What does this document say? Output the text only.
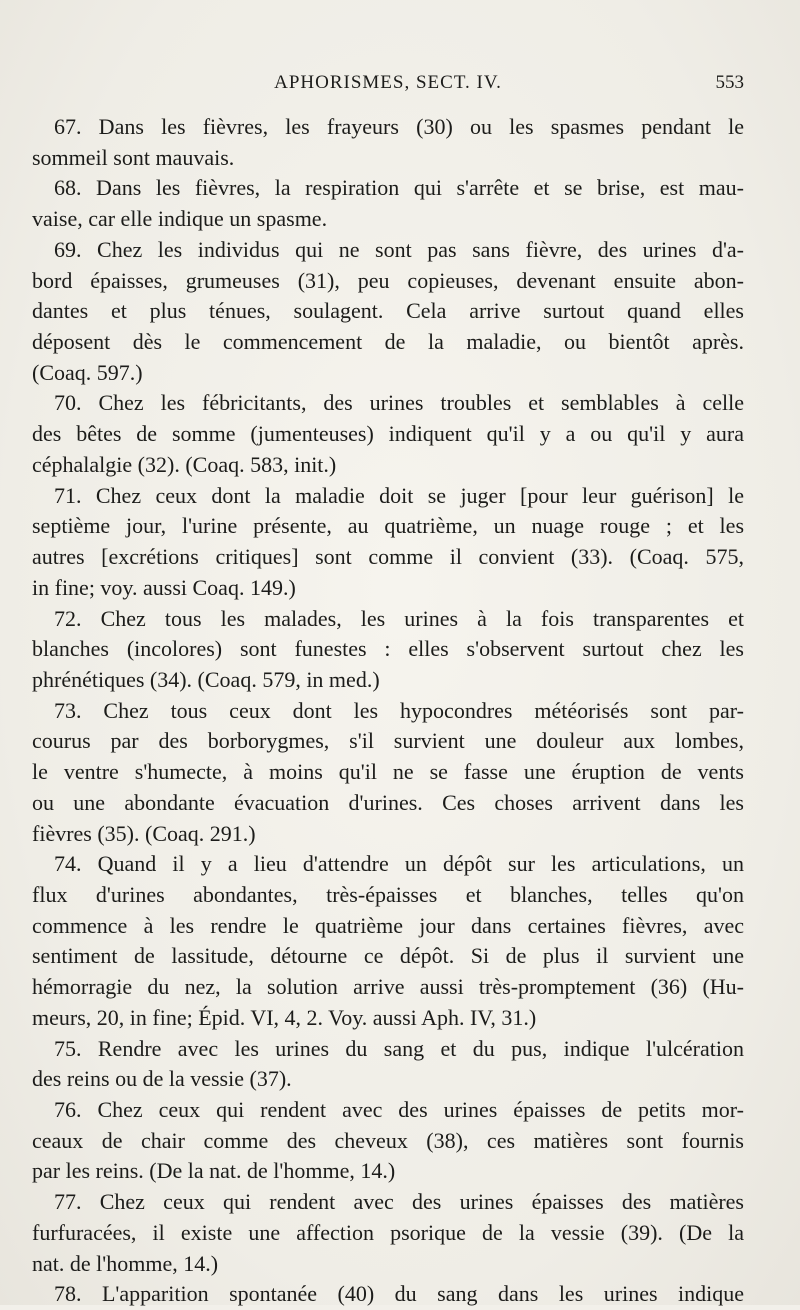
APHORISMES, SECT. IV.	553
67. Dans les fièvres, les frayeurs (30) ou les spasmes pendant le
sommeil sont mauvais.
68. Dans les fièvres, la respiration qui s'arrête et se brise, est mau-
vaise, car elle indique un spasme.
69. Chez les individus qui ne sont pas sans fièvre, des urines d'a-
bord épaisses, grumeuses (31), peu copieuses, devenant ensuite abon-
dantes et plus ténues, soulagent. Cela arrive surtout quand elles
déposent dès le commencement de la maladie, ou bientôt après.
(Coaq. 597.)
70. Chez les fébricitants, des urines troubles et semblables à celle
des bêtes de somme (jumenteuses) indiquent qu'il y a ou qu'il y aura
céphalalgie (32). (Coaq. 583, init.)
71. Chez ceux dont la maladie doit se juger [pour leur guérison] le
septième jour, l'urine présente, au quatrième, un nuage rouge ; et les
autres [excrétions critiques] sont comme il convient (33). (Coaq. 575,
in fine; voy. aussi Coaq. 149.)
72. Chez tous les malades, les urines à la fois transparentes et
blanches (incolores) sont funestes : elles s'observent surtout chez les
phrénétiques (34). (Coaq. 579, in med.)
73. Chez tous ceux dont les hypocondres météorisés sont par-
courus par des borborygmes, s'il survient une douleur aux lombes,
le ventre s'humecte, à moins qu'il ne se fasse une éruption de vents
ou une abondante évacuation d'urines. Ces choses arrivent dans les
fièvres (35). (Coaq. 291.)
74. Quand il y a lieu d'attendre un dépôt sur les articulations, un
flux d'urines abondantes, très-épaisses et blanches, telles qu'on
commence à les rendre le quatrième jour dans certaines fièvres, avec
sentiment de lassitude, détourne ce dépôt. Si de plus il survient une
hémorragie du nez, la solution arrive aussi très-promptement (36) (Hu-
meurs, 20, in fine; Épid. VI, 4, 2. Voy. aussi Aph. IV, 31.)
75. Rendre avec les urines du sang et du pus, indique l'ulcération
des reins ou de la vessie (37).
76. Chez ceux qui rendent avec des urines épaisses de petits mor-
ceaux de chair comme des cheveux (38), ces matières sont fournis
par les reins. (De la nat. de l'homme, 14.)
77. Chez ceux qui rendent avec des urines épaisses des matières
furfuracées, il existe une affection psorique de la vessie (39). (De la
nat. de l'homme, 14.)
78. L'apparition spontanée (40) du sang dans les urines indique
